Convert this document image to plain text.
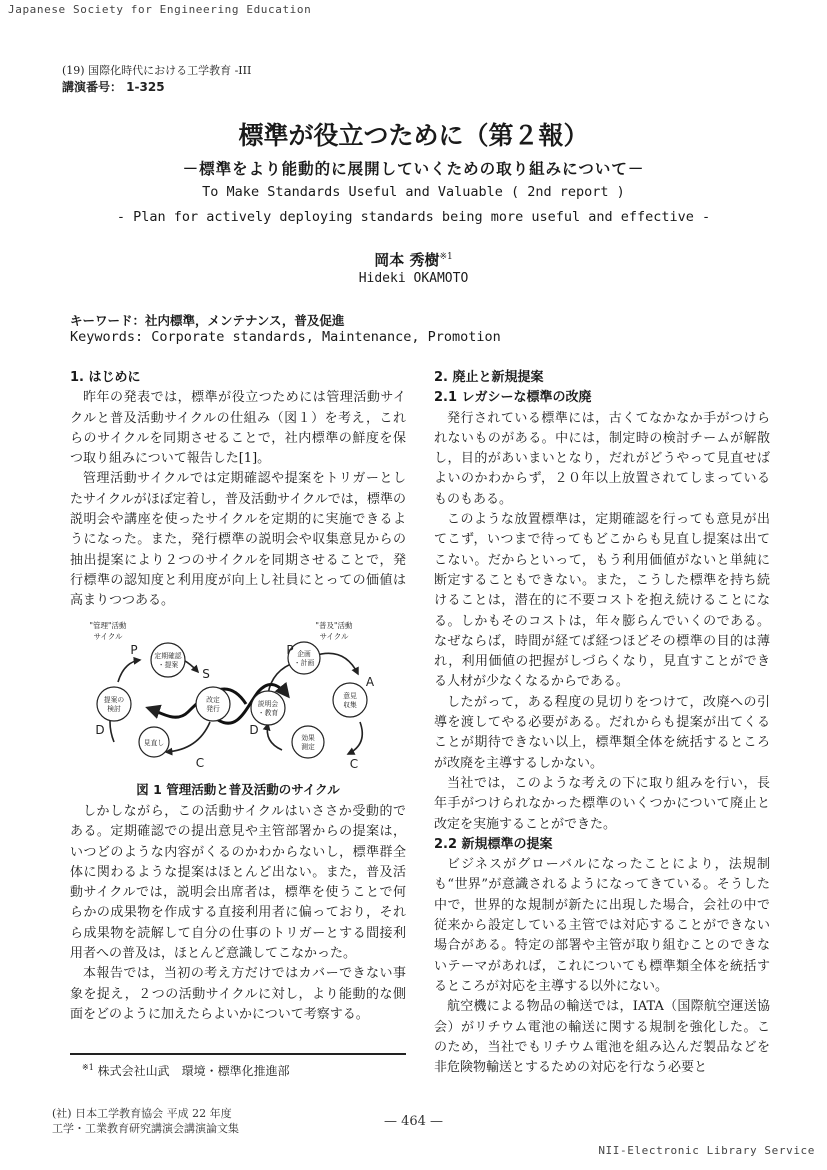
Japanese Society for Engineering Education
(19) 国際化時代における工学教育 -III
講演番号： 1-325
標準が役立つために（第２報）
－標準をより能動的に展開していくための取り組みについて－
To Make Standards Useful and Valuable ( 2nd report )
- Plan for actively deploying standards being more useful and effective -
岡本 秀樹$^{※1}$
Hideki OKAMOTO
キーワード：社内標準，メンテナンス，普及促進
Keywords: Corporate standards, Maintenance, Promotion
1. はじめに

昨年の発表では，標準が役立つためには管理活動サイクルと普及活動サイクルの仕組み（図１）を考え，これらのサイクルを同期させることで，社内標準の鮮度を保つ取り組みについて報告した[1]。

管理活動サイクルでは定期確認や提案をトリガーとしたサイクルがほぼ定着し，普及活動サイクルでは，標準の説明会や講座を使ったサイクルを定期的に実施できるようになった。また，発行標準の説明会や収集意見からの抽出提案により２つのサイクルを同期させることで，発行標準の認知度と利用度が向上し社員にとっての価値は高まりつつある。

"管理"活動
サイクル
"普及"活動
サイクル
定期確認
・提案
改定
発行
提案の
検討
見直し
企画
・計画
意見
収集
説明会
・教育
効果
測定
P
S
D
C
P
A
D
C
図 1 管理活動と普及活動のサイクル

しかしながら，この活動サイクルはいささか受動的である。定期確認での提出意見や主管部署からの提案は，いつどのような内容がくるのかわからないし，標準群全体に関わるような提案はほとんど出ない。また，普及活動サイクルでは，説明会出席者は，標準を使うことで何らかの成果物を作成する直接利用者に偏っており，それら成果物を読解して自分の仕事のトリガーとする間接利用者への普及は，ほとんど意識してこなかった。

本報告では，当初の考え方だけではカバーできない事象を捉え，２つの活動サイクルに対し，より能動的な側面をどのように加えたらよいかについて考察する。

$^{※1}$ 株式会社山武　環境・標準化推進部
2. 廃止と新規提案
2.1 レガシーな標準の改廃

発行されている標準には，古くてなかなか手がつけられないものがある。中には，制定時の検討チームが解散し，目的があいまいとなり，だれがどうやって見直せばよいのかわからず，２０年以上放置されてしまっているものもある。

このような放置標準は，定期確認を行っても意見が出てこず，いつまで待ってもどこからも見直し提案は出てこない。だからといって，もう利用価値がないと単純に断定することもできない。また，こうした標準を持ち続けることは，潜在的に不要コストを抱え続けることになる。しかもそのコストは，年々膨らんでいくのである。なぜならば，時間が経てば経つほどその標準の目的は薄れ，利用価値の把握がしづらくなり，見直すことができる人材が少なくなるからである。

したがって，ある程度の見切りをつけて，改廃への引導を渡してやる必要がある。だれからも提案が出てくることが期待できない以上，標準類全体を統括するところが改廃を主導するしかない。

当社では，このような考えの下に取り組みを行い，長年手がつけられなかった標準のいくつかについて廃止と改定を実施することができた。

2.2 新規標準の提案

ビジネスがグローバルになったことにより，法規制も“世界”が意識されるようになってきている。そうした中で，世界的な規制が新たに出現した場合，会社の中で従来から設定している主管では対応することができない場合がある。特定の部署や主管が取り組むことのできないテーマがあれば，これについても標準類全体を統括するところが対応を主導する以外にない。

航空機による物品の輸送では，IATA（国際航空運送協会）がリチウム電池の輸送に関する規制を強化した。このため，当社でもリチウム電池を組み込んだ製品などを非危険物輸送とするための対応を行なう必要と

(社) 日本工学教育協会 平成 22 年度
工学・工業教育研究講演会講演論文集	— 464 —
NII-Electronic Library Service
